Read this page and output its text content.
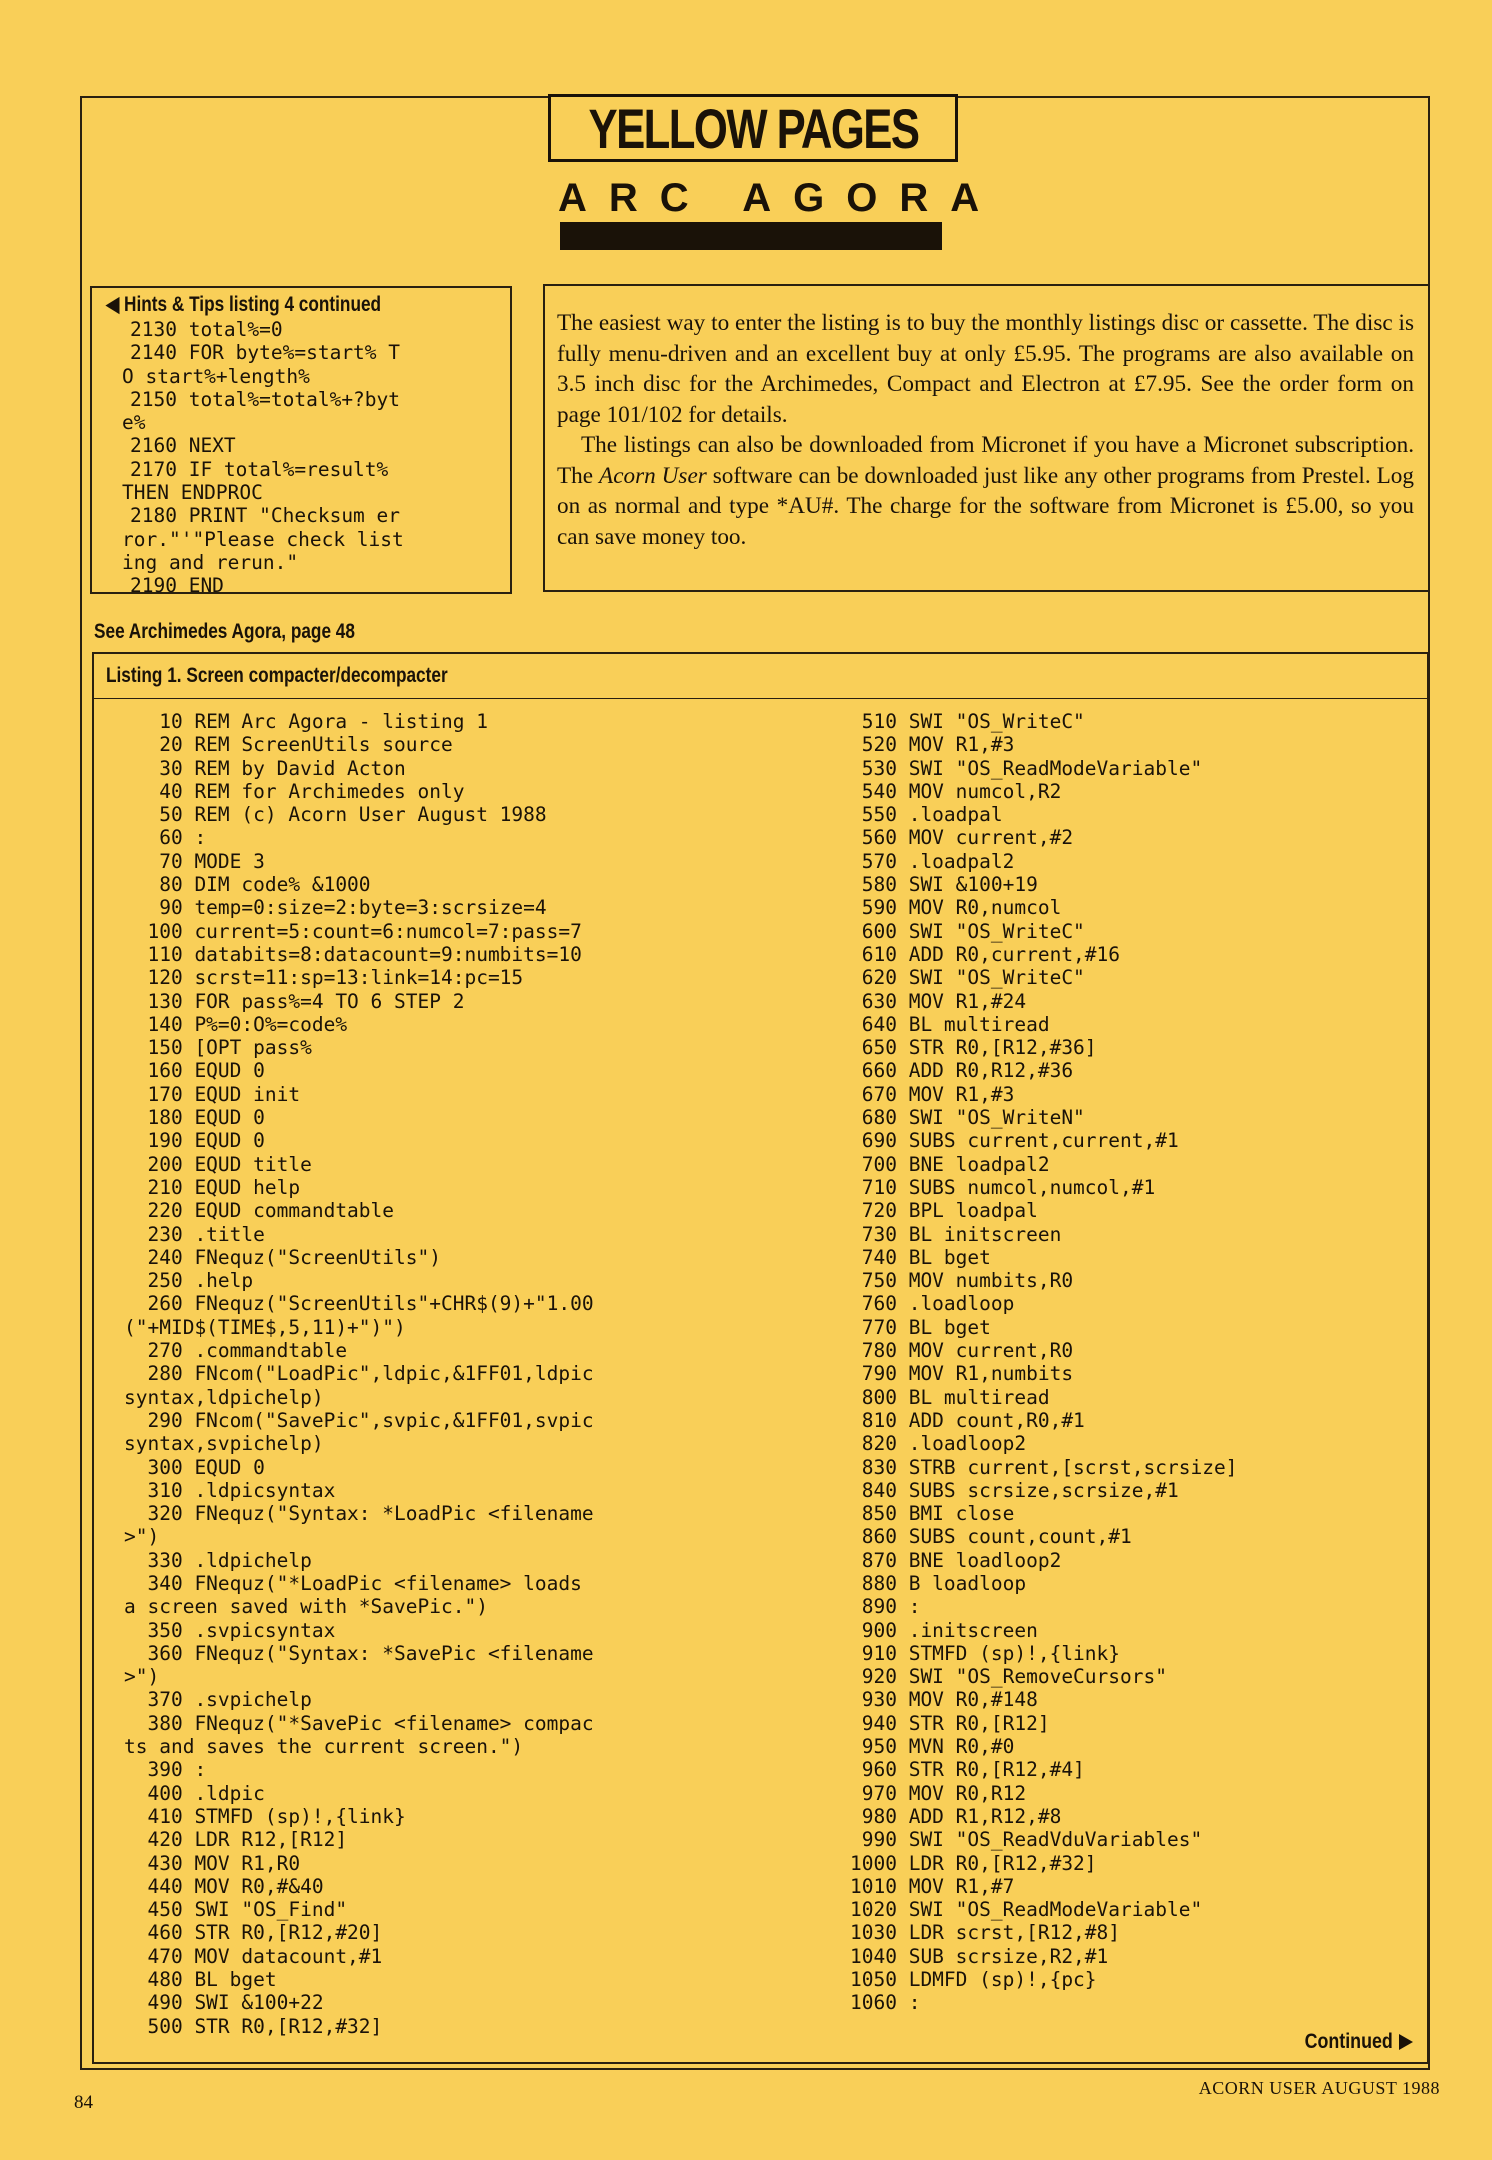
YELLOW PAGES
ARC AGORA
◀ Hints & Tips listing 4 continued
2130 total%=0
2140 FOR byte%=start% T
O start%+length%
2150 total%=total%+?byt
e%
2160 NEXT
2170 IF total%=result%
THEN ENDPROC
2180 PRINT "Checksum er
ror."'"Please check list
ing and rerun."
2190 END

The easiest way to enter the listing is to buy the monthly listings disc or cassette. The disc is fully menu-driven and an excellent buy at only £5.95. The programs are also available on 3.5 inch disc for the Archimedes, Compact and Electron at £7.95. See the order form on page 101/102 for details.

The listings can also be downloaded from Micronet if you have a Micronet subscription. The Acorn User software can be downloaded just like any other programs from Prestel. Log on as normal and type *AU#. The charge for the software from Micronet is £5.00, so you can save money too.

See Archimedes Agora, page 48
Listing 1. Screen compacter/decompacter
10 REM Arc Agora - listing 1
20 REM ScreenUtils source
30 REM by David Acton
40 REM for Archimedes only
50 REM (c) Acorn User August 1988
60 :
70 MODE 3
80 DIM code% &1000
90 temp=0:size=2:byte=3:scrsize=4
100 current=5:count=6:numcol=7:pass=7
110 databits=8:datacount=9:numbits=10
120 scrst=11:sp=13:link=14:pc=15
130 FOR pass%=4 TO 6 STEP 2
140 P%=0:O%=code%
150 [OPT pass%
160 EQUD 0
170 EQUD init
180 EQUD 0
190 EQUD 0
200 EQUD title
210 EQUD help
220 EQUD commandtable
230 .title
240 FNequz("ScreenUtils")
250 .help
260 FNequz("ScreenUtils"+CHR$(9)+"1.00
("+MID$(TIME$,5,11)+")")
270 .commandtable
280 FNcom("LoadPic",ldpic,&1FF01,ldpic
syntax,ldpichelp)
290 FNcom("SavePic",svpic,&1FF01,svpic
syntax,svpichelp)
300 EQUD 0
310 .ldpicsyntax
320 FNequz("Syntax: *LoadPic <filename
>")
330 .ldpichelp
340 FNequz("*LoadPic <filename> loads
a screen saved with *SavePic.")
350 .svpicsyntax
360 FNequz("Syntax: *SavePic <filename
>")
370 .svpichelp
380 FNequz("*SavePic <filename> compac
ts and saves the current screen.")
390 :
400 .ldpic
410 STMFD (sp)!,{link}
420 LDR R12,[R12]
430 MOV R1,R0
440 MOV R0,#&40
450 SWI "OS_Find"
460 STR R0,[R12,#20]
470 MOV datacount,#1
480 BL bget
490 SWI &100+22
500 STR R0,[R12,#32]
510 SWI "OS_WriteC"
520 MOV R1,#3
530 SWI "OS_ReadModeVariable"
540 MOV numcol,R2
550 .loadpal
560 MOV current,#2
570 .loadpal2
580 SWI &100+19
590 MOV R0,numcol
600 SWI "OS_WriteC"
610 ADD R0,current,#16
620 SWI "OS_WriteC"
630 MOV R1,#24
640 BL multiread
650 STR R0,[R12,#36]
660 ADD R0,R12,#36
670 MOV R1,#3
680 SWI "OS_WriteN"
690 SUBS current,current,#1
700 BNE loadpal2
710 SUBS numcol,numcol,#1
720 BPL loadpal
730 BL initscreen
740 BL bget
750 MOV numbits,R0
760 .loadloop
770 BL bget
780 MOV current,R0
790 MOV R1,numbits
800 BL multiread
810 ADD count,R0,#1
820 .loadloop2
830 STRB current,[scrst,scrsize]
840 SUBS scrsize,scrsize,#1
850 BMI close
860 SUBS count,count,#1
870 BNE loadloop2
880 B loadloop
890 :
900 .initscreen
910 STMFD (sp)!,{link}
920 SWI "OS_RemoveCursors"
930 MOV R0,#148
940 STR R0,[R12]
950 MVN R0,#0
960 STR R0,[R12,#4]
970 MOV R0,R12
980 ADD R1,R12,#8
990 SWI "OS_ReadVduVariables"
1000 LDR R0,[R12,#32]
1010 MOV R1,#7
1020 SWI "OS_ReadModeVariable"
1030 LDR scrst,[R12,#8]
1040 SUB scrsize,R2,#1
1050 LDMFD (sp)!,{pc}
1060 :
Continued
84
ACORN USER AUGUST 1988
